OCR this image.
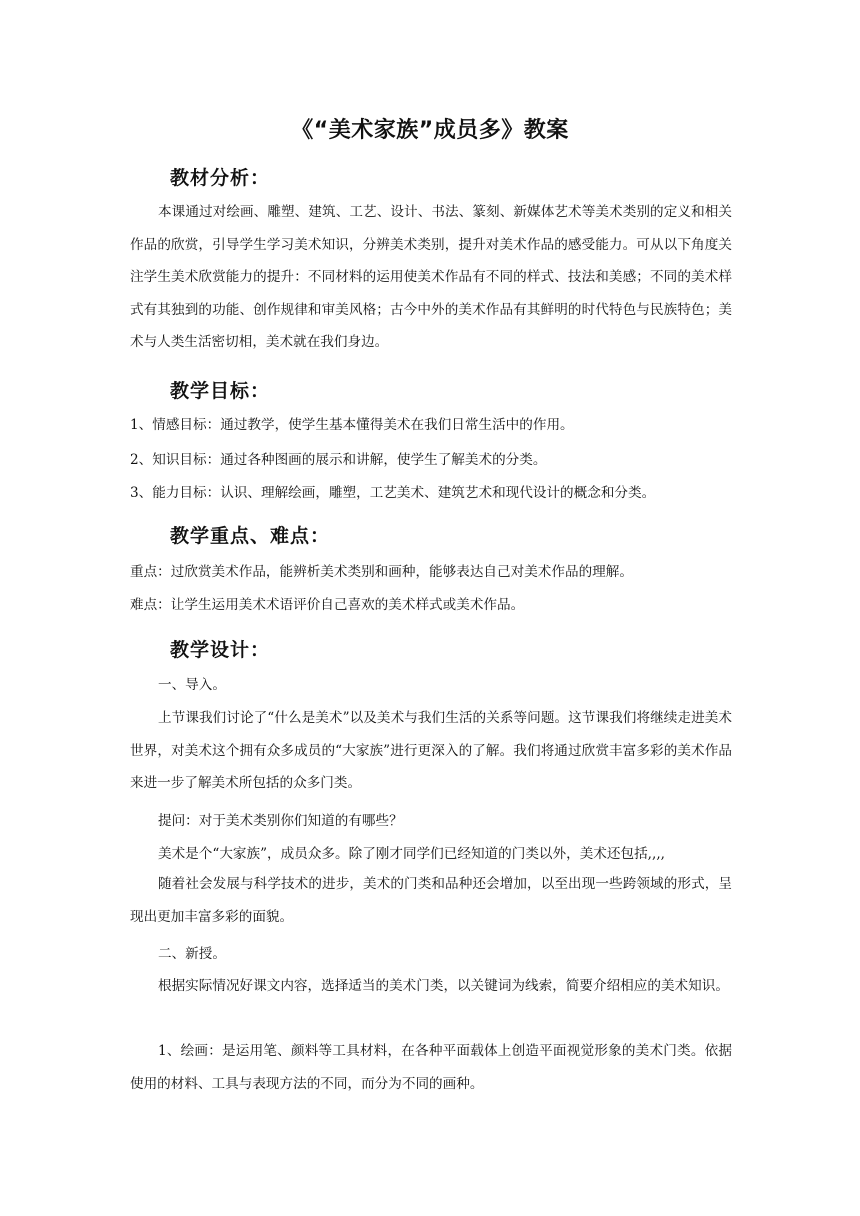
《“美术家族”成员多》教案
教材分析：
本课通过对绘画、雕塑、建筑、工艺、设计、书法、篆刻、新媒体艺术等美术类别的定义和相关作品的欣赏，引导学生学习美术知识，分辨美术类别，提升对美术作品的感受能力。可从以下角度关注学生美术欣赏能力的提升：不同材料的运用使美术作品有不同的样式、技法和美感；不同的美术样式有其独到的功能、创作规律和审美风格；古今中外的美术作品有其鲜明的时代特色与民族特色；美术与人类生活密切相，美术就在我们身边。
教学目标：
1、情感目标：通过教学，使学生基本懂得美术在我们日常生活中的作用。
2、知识目标：通过各种图画的展示和讲解，使学生了解美术的分类。
3、能力目标：认识、理解绘画，雕塑，工艺美术、建筑艺术和现代设计的概念和分类。
教学重点、难点：
重点：过欣赏美术作品，能辨析美术类别和画种，能够表达自己对美术作品的理解。
难点：让学生运用美术术语评价自己喜欢的美术样式或美术作品。
教学设计：
一、导入。
上节课我们讨论了“什么是美术”以及美术与我们生活的关系等问题。这节课我们将继续走进美术世界，对美术这个拥有众多成员的“大家族”进行更深入的了解。我们将通过欣赏丰富多彩的美术作品来进一步了解美术所包括的众多门类。
提问：对于美术类别你们知道的有哪些？
美术是个“大家族”，成员众多。除了刚才同学们已经知道的门类以外，美术还包括,,,,
随着社会发展与科学技术的进步，美术的门类和品种还会增加，以至出现一些跨领域的形式，呈现出更加丰富多彩的面貌。
二、新授。
根据实际情况好课文内容，选择适当的美术门类，以关键词为线索，简要介绍相应的美术知识。
1、绘画：是运用笔、颜料等工具材料，在各种平面载体上创造平面视觉形象的美术门类。依据使用的材料、工具与表现方法的不同，而分为不同的画种。
